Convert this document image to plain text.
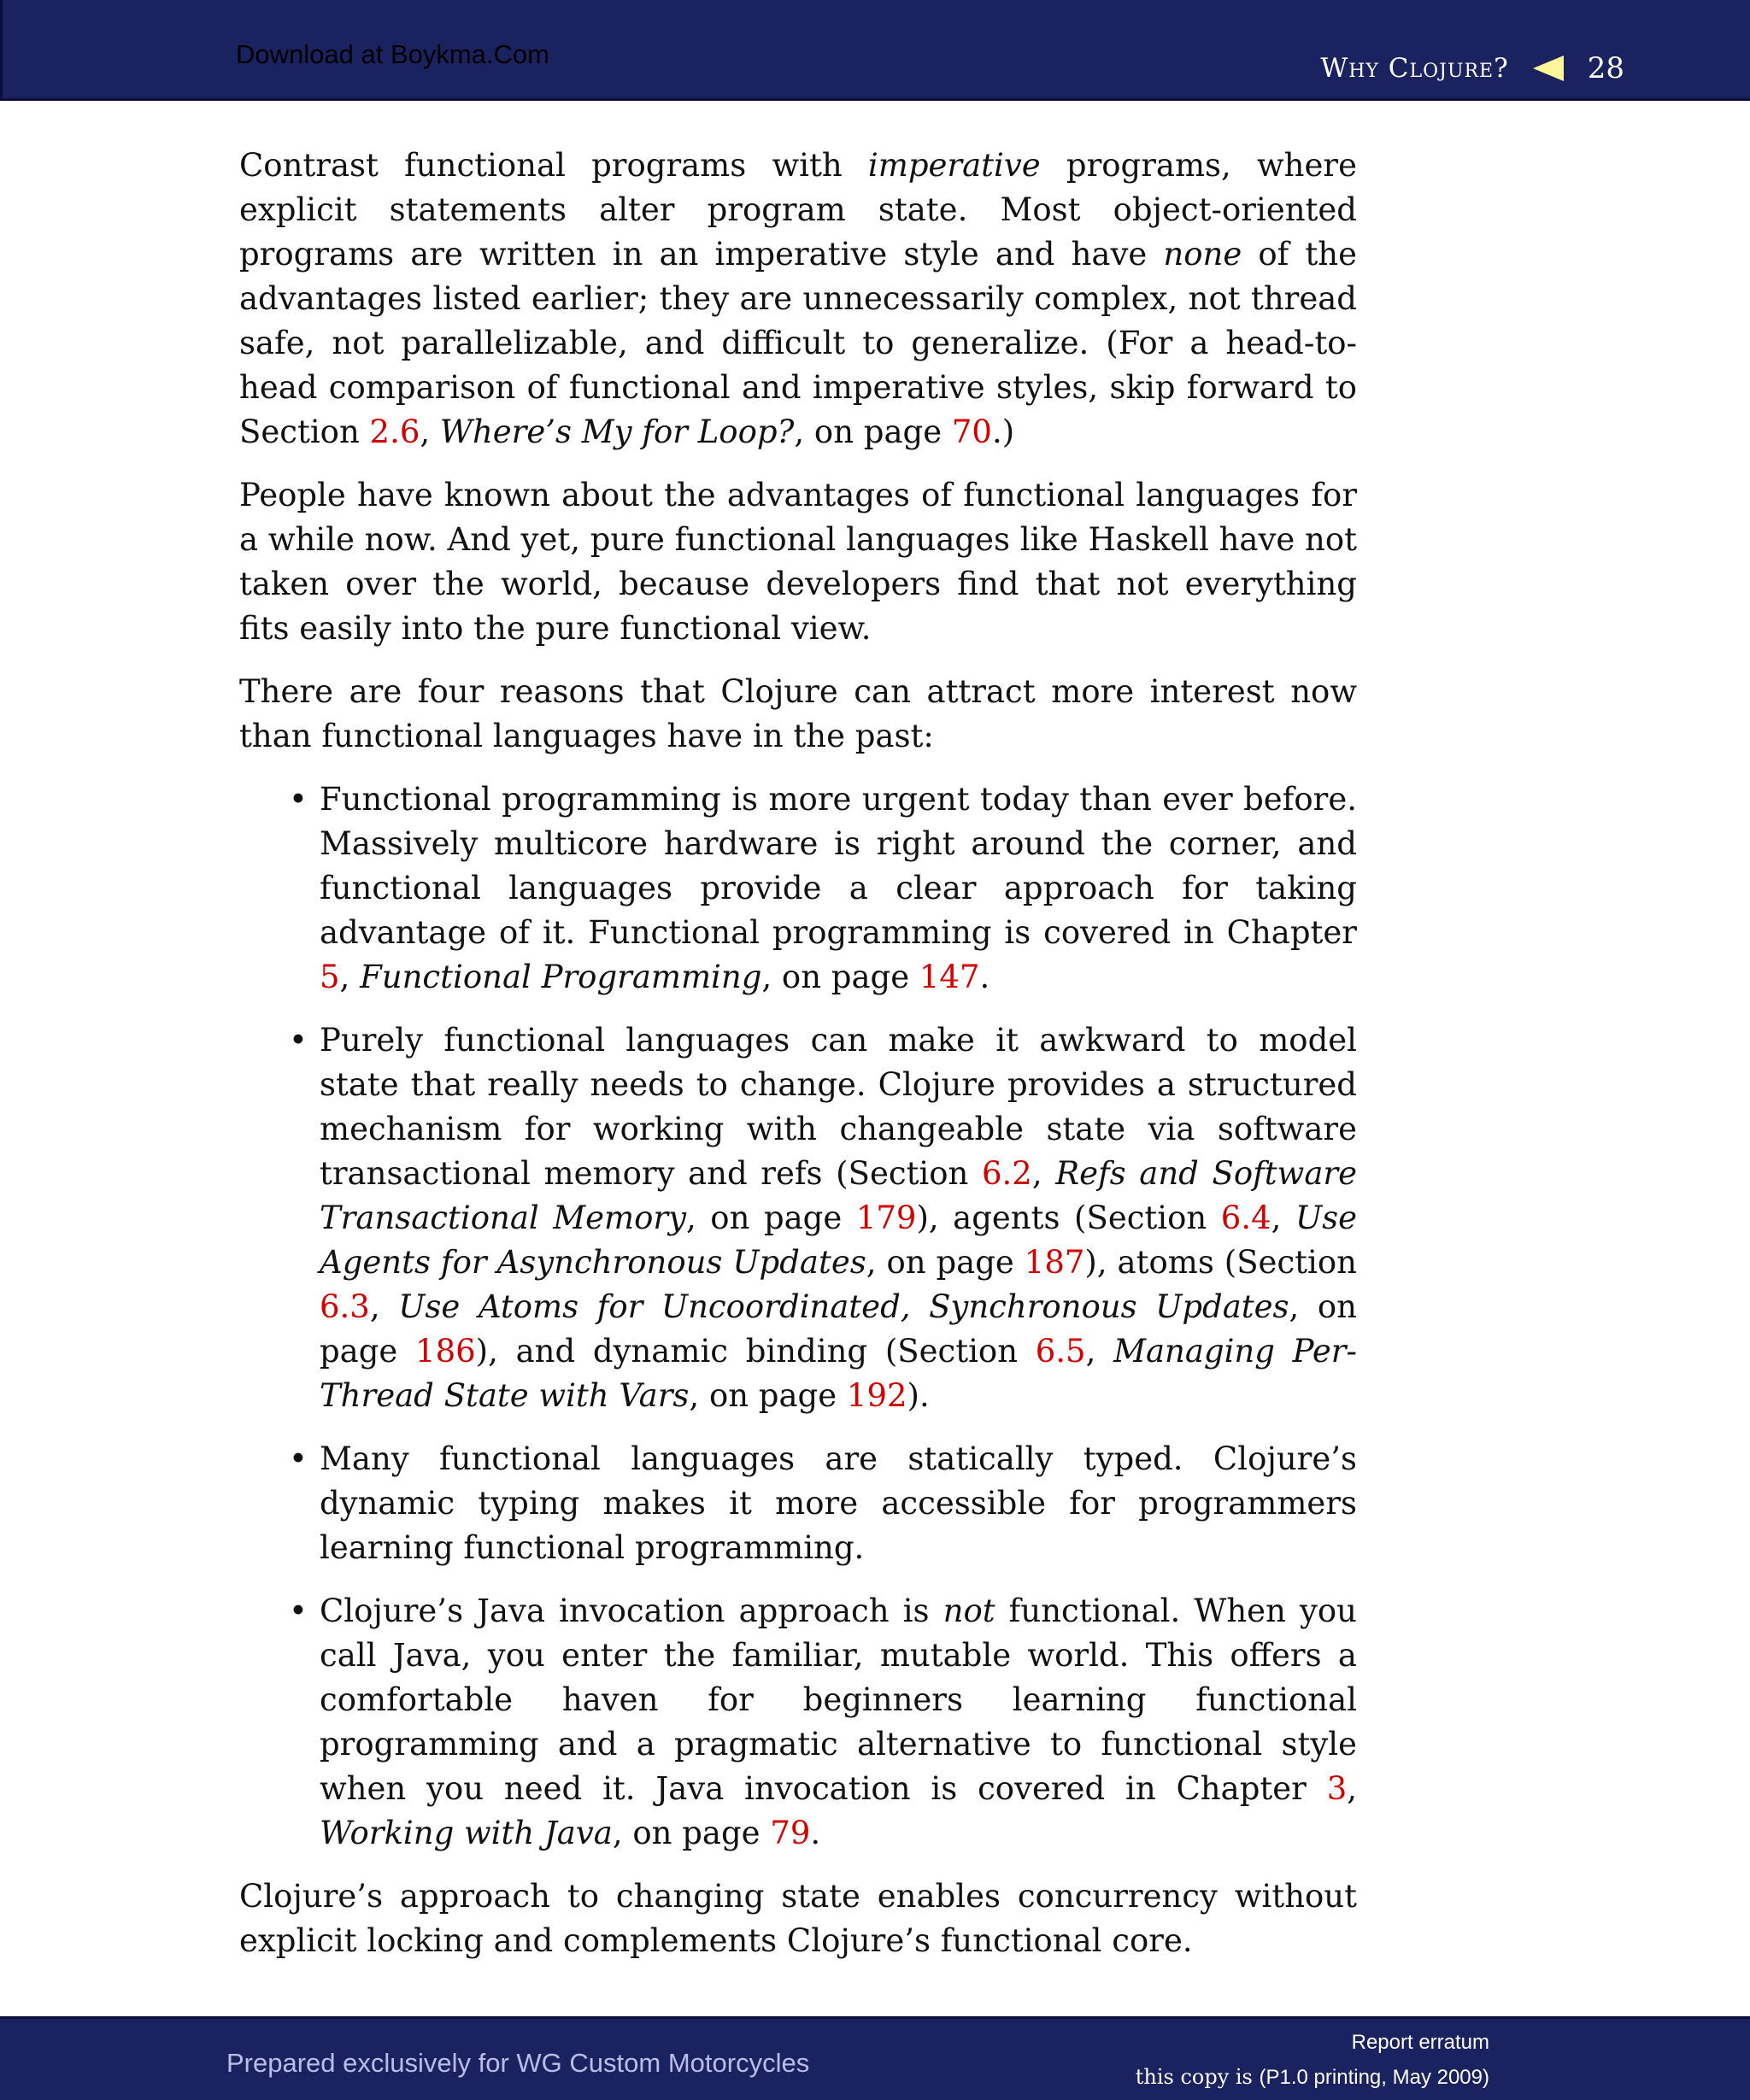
Download at Boykma.Com	Why Clojure?	28

Contrast functional programs with imperative programs, where explicit statements alter program state. Most object-oriented programs are written in an imperative style and have none of the advantages listed earlier; they are unnecessarily complex, not thread safe, not parallelizable, and difficult to generalize. (For a head-to-head comparison of functional and imperative styles, skip forward to Section 2.6, Where’s My for Loop?, on page 70.)

People have known about the advantages of functional languages for a while now. And yet, pure functional languages like Haskell have not taken over the world, because developers find that not everything fits easily into the pure functional view.

There are four reasons that Clojure can attract more interest now than functional languages have in the past:

• Functional programming is more urgent today than ever before. Massively multicore hardware is right around the corner, and functional languages provide a clear approach for taking advantage of it. Functional programming is covered in Chapter 5, Functional Programming, on page 147.
• Purely functional languages can make it awkward to model state that really needs to change. Clojure provides a structured mechanism for working with changeable state via software transactional memory and refs (Section 6.2, Refs and Software Transactional Memory, on page 179), agents (Section 6.4, Use Agents for Asynchronous Updates, on page 187), atoms (Section 6.3, Use Atoms for Uncoordinated, Synchronous Updates, on page 186), and dynamic binding (Section 6.5, Managing Per-Thread State with Vars, on page 192).
• Many functional languages are statically typed. Clojure’s dynamic typing makes it more accessible for programmers learning functional programming.
• Clojure’s Java invocation approach is not functional. When you call Java, you enter the familiar, mutable world. This offers a comfortable haven for beginners learning functional programming and a pragmatic alternative to functional style when you need it. Java invocation is covered in Chapter 3, Working with Java, on page 79.

Clojure’s approach to changing state enables concurrency without explicit locking and complements Clojure’s functional core.

Prepared exclusively for WG Custom Motorcycles
Report erratum
this copy is (P1.0 printing, May 2009)
